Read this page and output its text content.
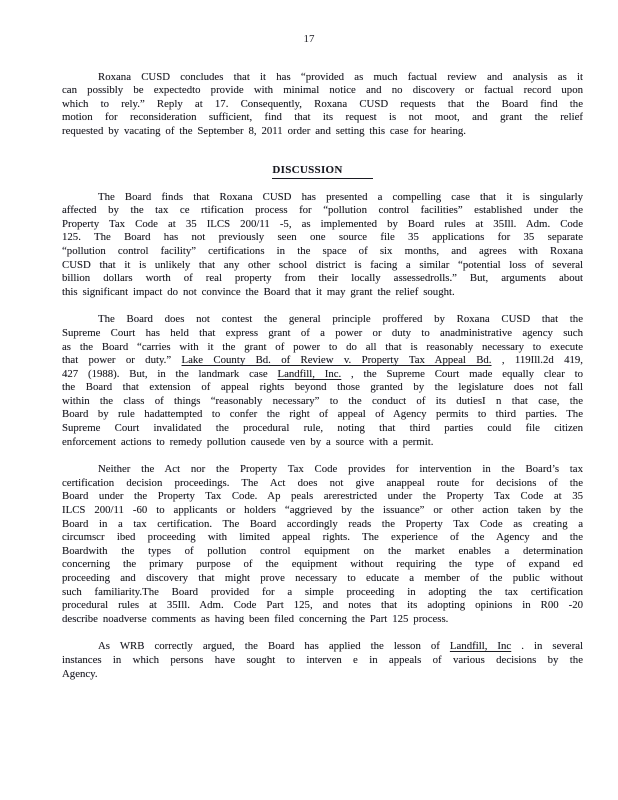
17
Roxana CUSD concludes that it has “provided as much factual review and analysis as it
can possibly be expectedto provide with minimal notice and no discovery or factual record upon
which to rely.” Reply at 17. Consequently, Roxana CUSD requests that the Board find the
motion for reconsideration sufficient, find that its request is not moot, and grant the relief
requested by vacating of the September 8, 2011 order and setting this case for hearing.
DISCUSSION
The Board finds that Roxana CUSD has presented a compelling case that it is singularly
affected by the tax ce rtification process for “pollution control facilities” established under the
Property Tax Code at 35 ILCS 200/11 -5, as implemented by Board rules at 35Ill. Adm. Code
125. The Board has not previously seen one source file 35 applications for 35 separate
“pollution control facility” certifications in the space of six months, and agrees with Roxana
CUSD that it is unlikely that any other school district is facing a similar “potential loss of several
billion dollars worth of real property from their locally assessedrolls.” But, arguments about
this significant impact do not convince the Board that it may grant the relief sought.
The Board does not contest the general principle proffered by Roxana CUSD that the
Supreme Court has held that express grant of a power or duty to anadministrative agency such
as the Board “carries with it the grant of power to do all that is reasonably necessary to execute
that power or duty.” Lake County Bd. of Review v. Property Tax Appeal Bd. , 119Ill.2d 419,
427 (1988). But, in the landmark case Landfill, Inc. , the Supreme Court made equally clear to
the Board that extension of appeal rights beyond those granted by the legislature does not fall
within the class of things “reasonably necessary” to the conduct of its dutiesI n that case, the
Board by rule hadattempted to confer the right of appeal of Agency permits to third parties. The
Supreme Court invalidated the procedural rule, noting that third parties could file citizen
enforcement actions to remedy pollution causede ven by a source with a permit.
Neither the Act nor the Property Tax Code provides for intervention in the Board’s tax
certification decision proceedings. The Act does not give anappeal route for decisions of the
Board under the Property Tax Code. Ap peals arerestricted under the Property Tax Code at 35
ILCS 200/11 -60 to applicants or holders “aggrieved by the issuance” or other action taken by the
Board in a tax certification. The Board accordingly reads the Property Tax Code as creating a
circumscr ibed proceeding with limited appeal rights. The experience of the Agency and the
Boardwith the types of pollution control equipment on the market enables a determination
concerning the primary purpose of the equipment without requiring the type of expand ed
proceeding and discovery that might prove necessary to educate a member of the public without
such familiarity.The Board provided for a simple proceeding in adopting the tax certification
procedural rules at 35Ill. Adm. Code Part 125, and notes that its adopting opinions in R00 -20
describe noadverse comments as having been filed concerning the Part 125 process.
As WRB correctly argued, the Board has applied the lesson of Landfill, Inc . in several
instances in which persons have sought to interven e in appeals of various decisions by the
Agency.
